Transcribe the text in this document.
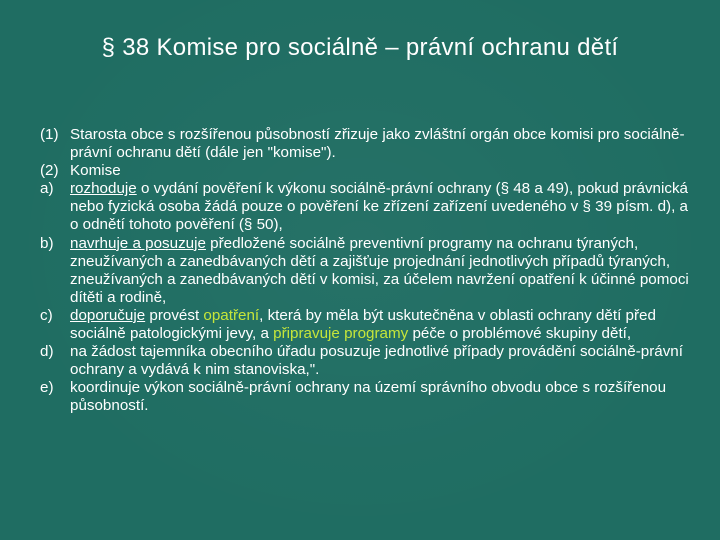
§ 38 Komise pro sociálně – právní ochranu dětí

(1) Starosta obce s rozšířenou působností zřizuje jako zvláštní orgán obce komisi pro sociálně-právní ochranu dětí (dále jen "komise").

(2) Komise

a) rozhoduje o vydání pověření k výkonu sociálně-právní ochrany (§ 48 a 49), pokud právnická nebo fyzická osoba žádá pouze o pověření ke zřízení zařízení uvedeného v § 39 písm. d), a o odnětí tohoto pověření (§ 50),

b) navrhuje a posuzuje předložené sociálně preventivní programy na ochranu týraných, zneužívaných a zanedbávaných dětí a zajišťuje projednání jednotlivých případů týraných, zneužívaných a zanedbávaných dětí v komisi, za účelem navržení opatření k účinné pomoci dítěti a rodině,

c) doporučuje provést opatření, která by měla být uskutečněna v oblasti ochrany dětí před sociálně patologickými jevy, a připravuje programy péče o problémové skupiny dětí,

d) na žádost tajemníka obecního úřadu posuzuje jednotlivé případy provádění sociálně-právní ochrany a vydává k nim stanoviska,".

e) koordinuje výkon sociálně-právní ochrany na území správního obvodu obce s rozšířenou působností.
